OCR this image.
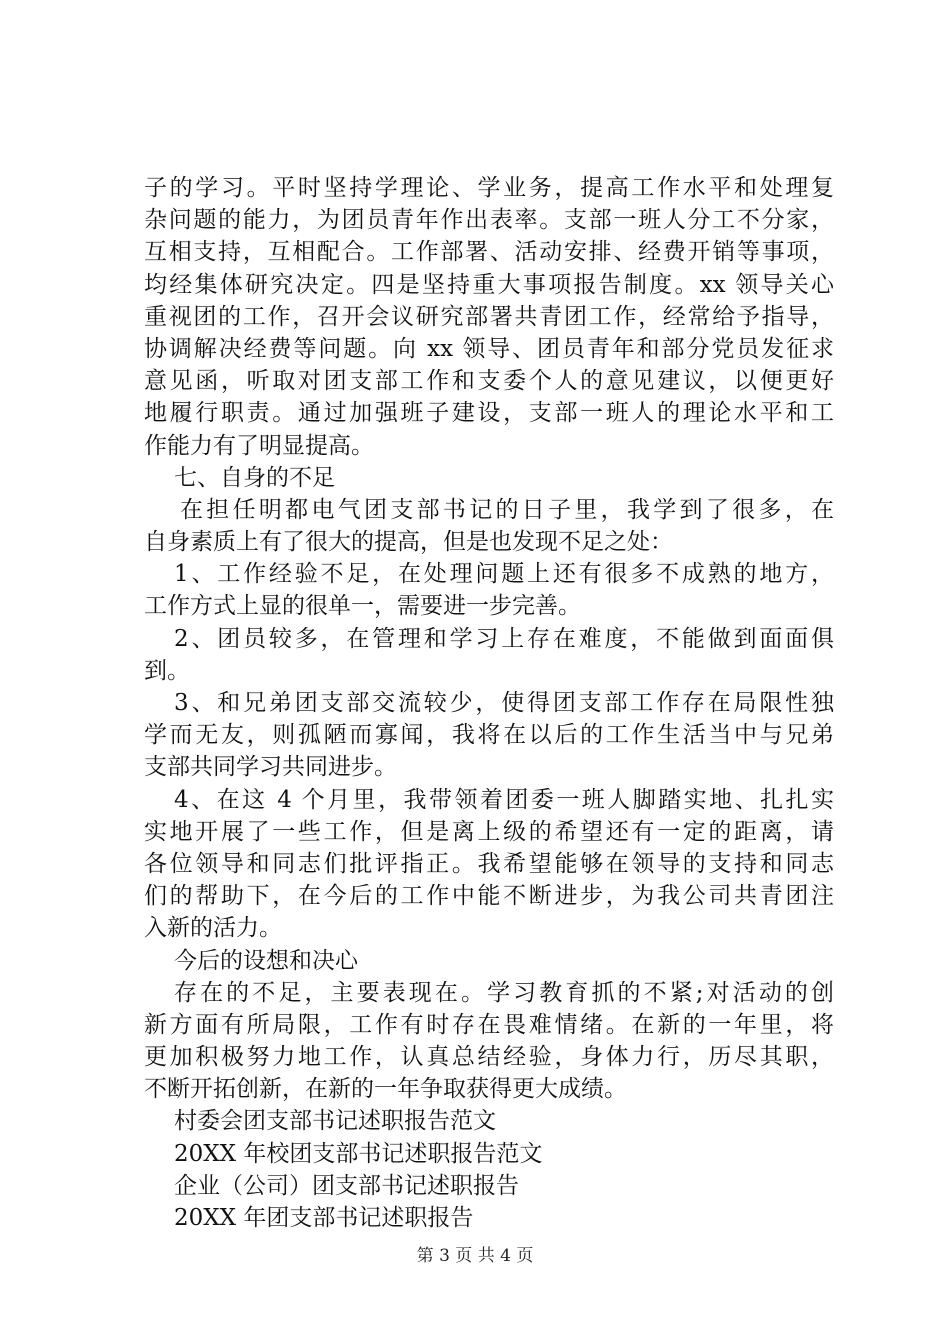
子的学习。平时坚持学理论、学业务，提高工作水平和处理复
杂问题的能力，为团员青年作出表率。支部一班人分工不分家，
互相支持，互相配合。工作部署、活动安排、经费开销等事项，
均经集体研究决定。四是坚持重大事项报告制度。xx 领导关心
重视团的工作，召开会议研究部署共青团工作，经常给予指导，
协调解决经费等问题。向 xx 领导、团员青年和部分党员发征求
意见函，听取对团支部工作和支委个人的意见建议，以便更好
地履行职责。通过加强班子建设，支部一班人的理论水平和工
作能力有了明显提高。
七、自身的不足
在担任明都电气团支部书记的日子里，我学到了很多，在
自身素质上有了很大的提高，但是也发现不足之处：
1、工作经验不足，在处理问题上还有很多不成熟的地方，
工作方式上显的很单一，需要进一步完善。
2、团员较多，在管理和学习上存在难度，不能做到面面俱
到。
3、和兄弟团支部交流较少，使得团支部工作存在局限性独
学而无友，则孤陋而寡闻，我将在以后的工作生活当中与兄弟
支部共同学习共同进步。
4、在这 4 个月里，我带领着团委一班人脚踏实地、扎扎实
实地开展了一些工作，但是离上级的希望还有一定的距离，请
各位领导和同志们批评指正。我希望能够在领导的支持和同志
们的帮助下，在今后的工作中能不断进步，为我公司共青团注
入新的活力。
今后的设想和决心
存在的不足，主要表现在。学习教育抓的不紧;对活动的创
新方面有所局限，工作有时存在畏难情绪。在新的一年里，将
更加积极努力地工作，认真总结经验，身体力行，历尽其职，
不断开拓创新，在新的一年争取获得更大成绩。
村委会团支部书记述职报告范文
20XX 年校团支部书记述职报告范文
企业（公司）团支部书记述职报告
20XX 年团支部书记述职报告
第 3 页 共 4 页
